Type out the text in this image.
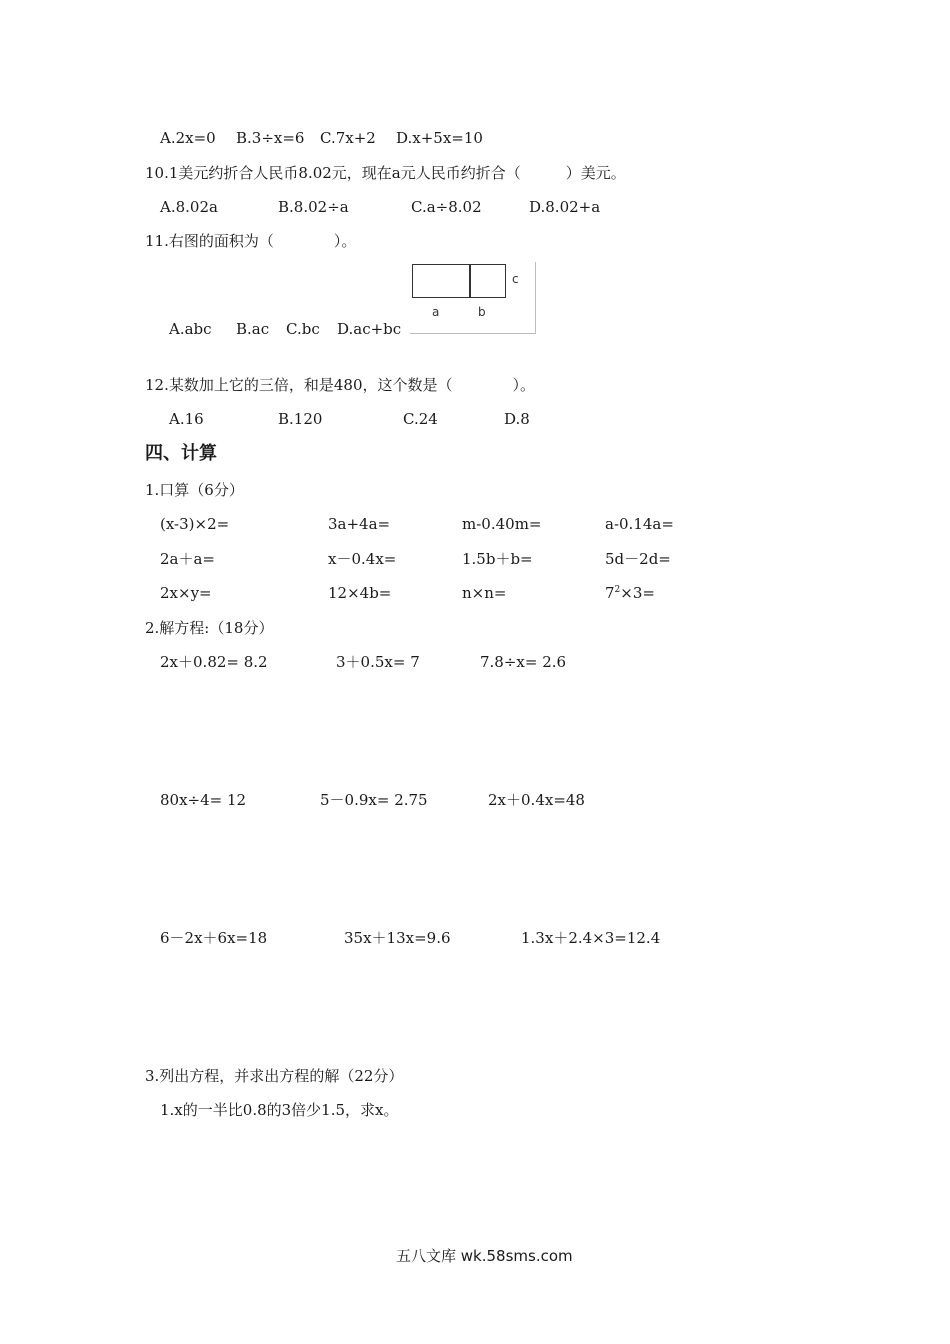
A.2x=0 B.3÷x=6 C.7x+2 D.x+5x=10
10.1美元约折合人民币8.02元，现在a元人民币约折合（　　　）美元。
A.8.02a	B.8.02÷a	C.a÷8.02	D.8.02+a
11.右图的面积为（　　　　）。
c
a	b
A.abc B.ac C.bc D.ac+bc
12.某数加上它的三倍，和是480，这个数是（　　　　）。
A.16	B.120	C.24	D.8
四、计算
1.口算（6分）
(x-3)×2=	3a+4a=	m-0.40m=	a-0.14a=
2a＋a=	x－0.4x=	1.5b＋b=	5d－2d=
2x×y=	12×4b=	n×n=	$7^2\times 3=$
2.解方程:（18分）
2x＋0.82= 8.2	3＋0.5x= 7	7.8÷x= 2.6
80x÷4= 12	5－0.9x= 2.75	2x＋0.4x=48
6－2x＋6x=18	35x＋13x=9.6	1.3x＋2.4×3=12.4
3.列出方程，并求出方程的解（22分）
1.x的一半比0.8的3倍少1.5，求x。
五八文库 wk.58sms.com
